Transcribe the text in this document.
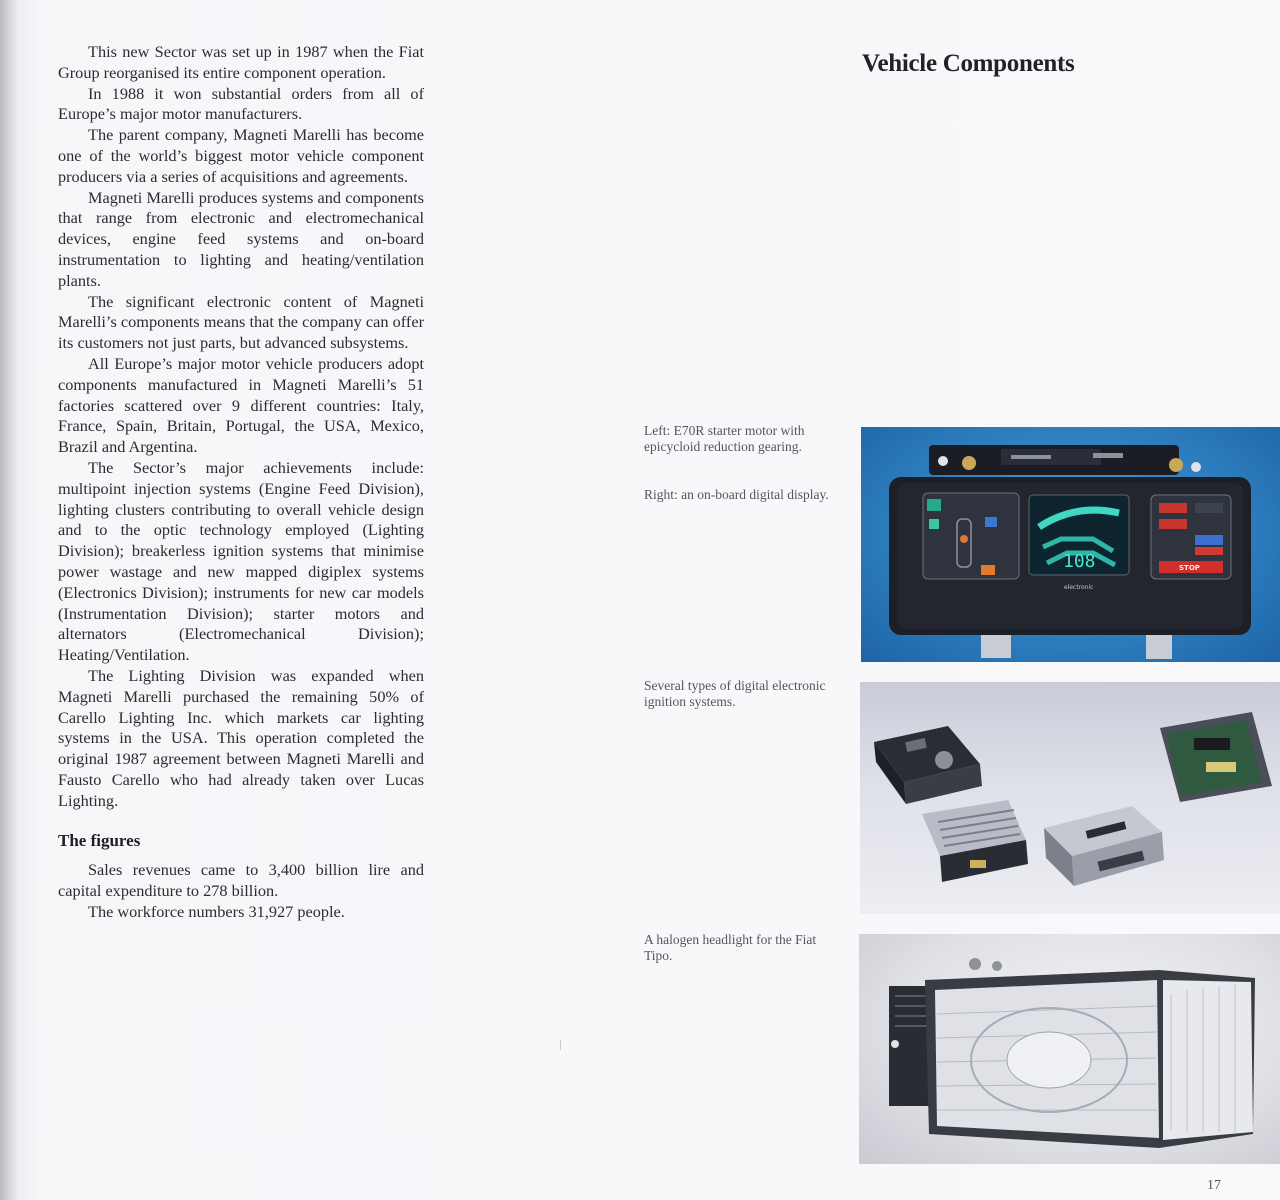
This new Sector was set up in 1987 when the Fiat Group reorganised its entire component operation.

In 1988 it won substantial orders from all of Europe’s major motor manufacturers.

The parent company, Magneti Marelli has become one of the world’s biggest motor vehicle component producers via a series of acquisitions and agreements.

Magneti Marelli produces systems and components that range from electronic and electromechanical devices, engine feed systems and on-board instrumentation to lighting and heating/ventilation plants.

The significant electronic content of Magneti Marelli’s components means that the company can offer its customers not just parts, but advanced subsystems.

All Europe’s major motor vehicle producers adopt components manufactured in Magneti Marelli’s 51 factories scattered over 9 different countries: Italy, France, Spain, Britain, Portugal, the USA, Mexico, Brazil and Argentina.

The Sector’s major achievements include: multipoint injection systems (Engine Feed Division), lighting clusters contributing to overall vehicle design and to the optic technology employed (Lighting Division); breakerless ignition systems that minimise power wastage and new mapped digiplex systems (Electronics Division); instruments for new car models (Instrumentation Division); starter motors and alternators (Electromechanical Division); Heating/Ventilation.

The Lighting Division was expanded when Magneti Marelli purchased the remaining 50% of Carello Lighting Inc. which markets car lighting systems in the USA. This operation completed the original 1987 agreement between Magneti Marelli and Fausto Carello who had already taken over Lucas Lighting.

The figures

Sales revenues came to 3,400 billion lire and capital expenditure to 278 billion.

The workforce numbers 31,927 people.

Vehicle Components
Left: E70R starter motor with epicycloid reduction gearing.
Right: an on-board digital display.
Several types of digital electronic ignition systems.
A halogen headlight for the Fiat Tipo.
108
electronic
STOP
17
